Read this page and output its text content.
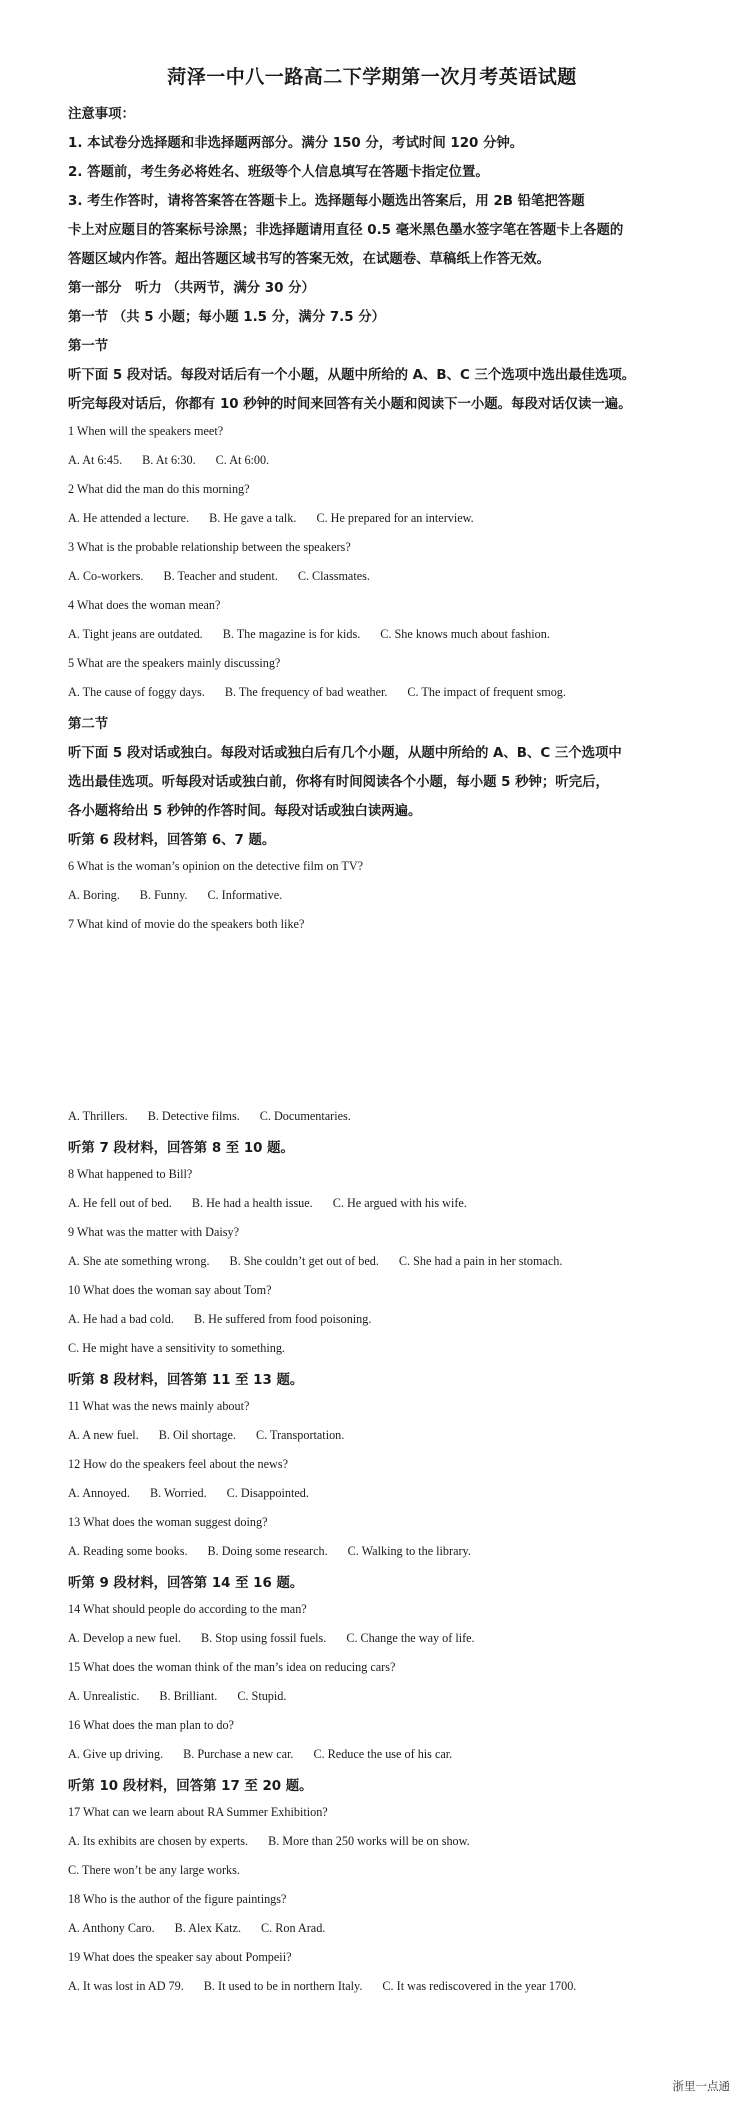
菏泽一中八一路高二下学期第一次月考英语试题
注意事项：
1. 本试卷分选择题和非选择题两部分。满分 150 分，考试时间 120 分钟。
2. 答题前，考生务必将姓名、班级等个人信息填写在答题卡指定位置。
3. 考生作答时，请将答案答在答题卡上。选择题每小题选出答案后，用 2B 铅笔把答题
卡上对应题目的答案标号涂黑；非选择题请用直径 0.5 毫米黑色墨水签字笔在答题卡上各题的
答题区域内作答。超出答题区域书写的答案无效，在试题卷、草稿纸上作答无效。
第一部分　听力 （共两节，满分 30 分）
第一节 （共 5 小题；每小题 1.5 分，满分 7.5 分）
第一节
听下面 5 段对话。每段对话后有一个小题，从题中所给的 A、B、C 三个选项中选出最佳选项。
听完每段对话后，你都有 10 秒钟的时间来回答有关小题和阅读下一小题。每段对话仅读一遍。
1 When will the speakers meet?
A. At 6:45. B. At 6:30. C. At 6:00.
2 What did the man do this morning?
A. He attended a lecture. B. He gave a talk. C. He prepared for an interview.
3 What is the probable relationship between the speakers?
A. Co-workers. B. Teacher and student. C. Classmates.
4 What does the woman mean?
A. Tight jeans are outdated. B. The magazine is for kids. C. She knows much about fashion.
5 What are the speakers mainly discussing?
A. The cause of foggy days. B. The frequency of bad weather. C. The impact of frequent smog.
第二节
听下面 5 段对话或独白。每段对话或独白后有几个小题，从题中所给的 A、B、C 三个选项中
选出最佳选项。听每段对话或独白前，你将有时间阅读各个小题，每小题 5 秒钟；听完后，
各小题将给出 5 秒钟的作答时间。每段对话或独白读两遍。
听第 6 段材料，回答第 6、7 题。
6 What is the woman’s opinion on the detective film on TV?
A. Boring. B. Funny. C. Informative.
7 What kind of movie do the speakers both like?
A. Thrillers. B. Detective films. C. Documentaries.
听第 7 段材料，回答第 8 至 10 题。
8 What happened to Bill?
A. He fell out of bed. B. He had a health issue. C. He argued with his wife.
9 What was the matter with Daisy?
A. She ate something wrong. B. She couldn’t get out of bed. C. She had a pain in her stomach.
10 What does the woman say about Tom?
A. He had a bad cold. B. He suffered from food poisoning.
C. He might have a sensitivity to something.
听第 8 段材料，回答第 11 至 13 题。
11 What was the news mainly about?
A. A new fuel. B. Oil shortage. C. Transportation.
12 How do the speakers feel about the news?
A. Annoyed. B. Worried. C. Disappointed.
13 What does the woman suggest doing?
A. Reading some books. B. Doing some research. C. Walking to the library.
听第 9 段材料，回答第 14 至 16 题。
14 What should people do according to the man?
A. Develop a new fuel. B. Stop using fossil fuels. C. Change the way of life.
15 What does the woman think of the man’s idea on reducing cars?
A. Unrealistic. B. Brilliant. C. Stupid.
16 What does the man plan to do?
A. Give up driving. B. Purchase a new car. C. Reduce the use of his car.
听第 10 段材料，回答第 17 至 20 题。
17 What can we learn about RA Summer Exhibition?
A. Its exhibits are chosen by experts. B. More than 250 works will be on show.
C. There won’t be any large works.
18 Who is the author of the figure paintings?
A. Anthony Caro. B. Alex Katz. C. Ron Arad.
19 What does the speaker say about Pompeii?
A. It was lost in AD 79. B. It used to be in northern Italy. C. It was rediscovered in the year 1700.
浙里一点通
